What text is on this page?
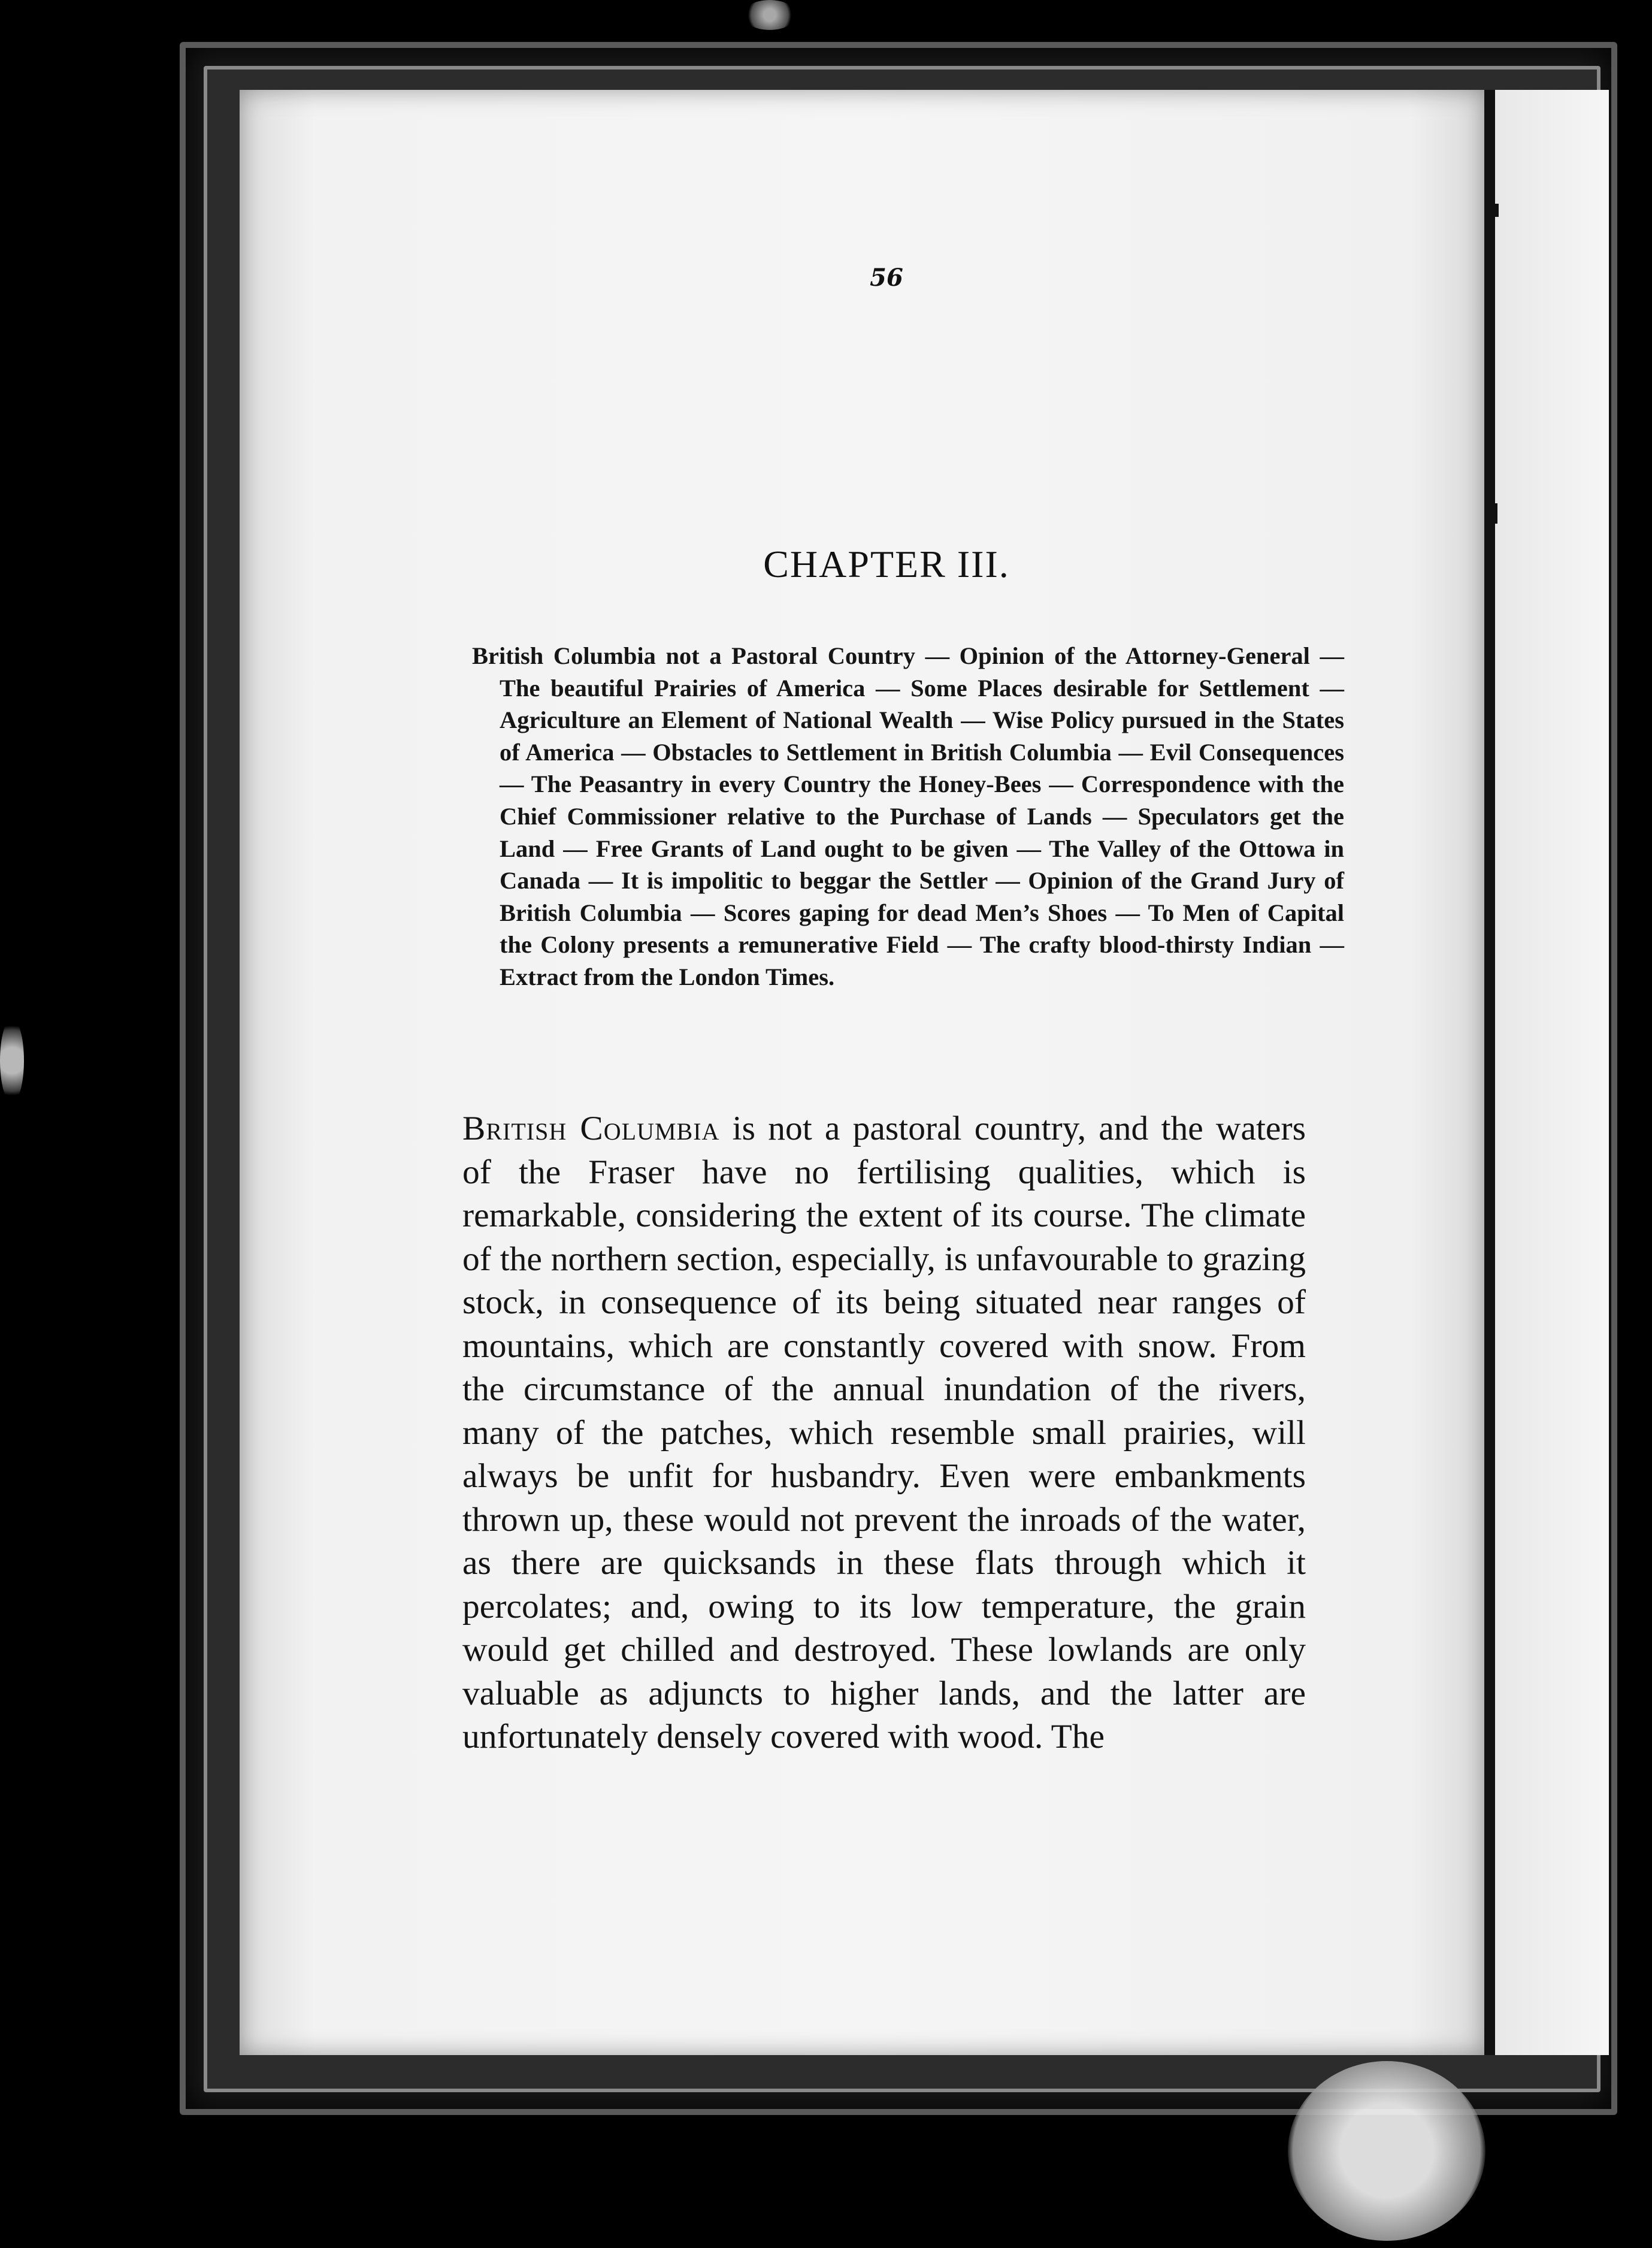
56
CHAPTER III.
British Columbia not a Pastoral Country — Opinion of the Attorney-General — The beautiful Prairies of America — Some Places desirable for Settlement — Agriculture an Element of National Wealth — Wise Policy pursued in the States of America — Obstacles to Settlement in British Columbia — Evil Consequences — The Peasantry in every Country the Honey-Bees — Correspondence with the Chief Commissioner relative to the Purchase of Lands — Speculators get the Land — Free Grants of Land ought to be given — The Valley of the Ottowa in Canada — It is impolitic to beggar the Settler — Opinion of the Grand Jury of British Columbia — Scores gaping for dead Men’s Shoes — To Men of Capital the Colony presents a remunerative Field — The crafty blood-thirsty Indian — Extract from the London Times.
British Columbia is not a pastoral country, and the waters of the Fraser have no fertilising qualities, which is remarkable, considering the extent of its course. The climate of the northern section, especially, is unfavourable to grazing stock, in consequence of its being situated near ranges of mountains, which are constantly covered with snow. From the circumstance of the annual inundation of the rivers, many of the patches, which resemble small prairies, will always be unfit for husbandry. Even were embankments thrown up, these would not prevent the inroads of the water, as there are quicksands in these flats through which it percolates; and, owing to its low temperature, the grain would get chilled and destroyed. These lowlands are only valuable as adjuncts to higher lands, and the latter are unfortunately densely covered with wood. The
